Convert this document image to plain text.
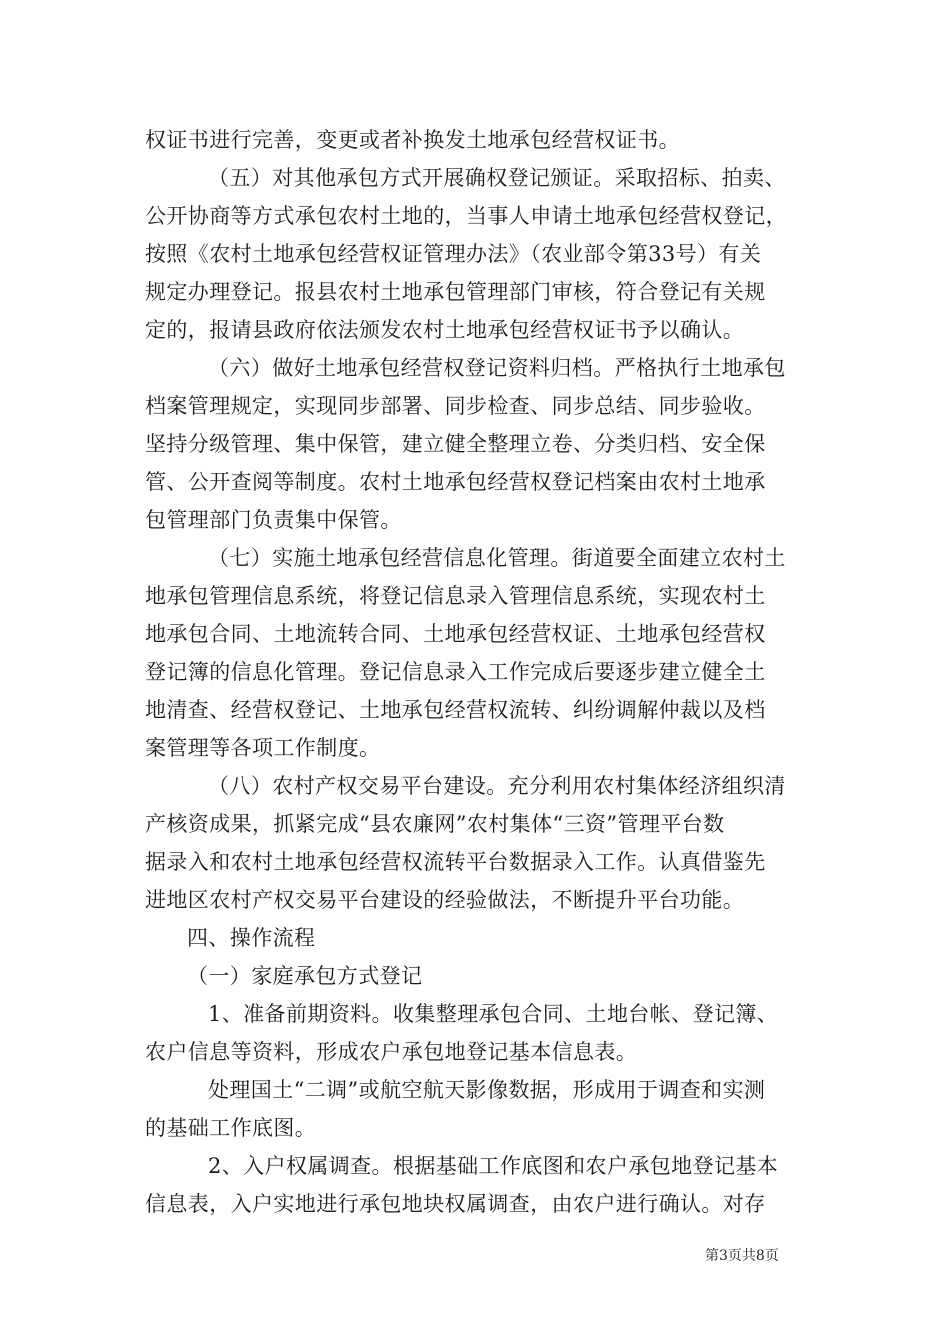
权证书进行完善，变更或者补换发土地承包经营权证书。
（五）对其他承包方式开展确权登记颁证。采取招标、拍卖、
公开协商等方式承包农村土地的，当事人申请土地承包经营权登记，
按照《农村土地承包经营权证管理办法》（农业部令第33号）有关
规定办理登记。报县农村土地承包管理部门审核，符合登记有关规
定的，报请县政府依法颁发农村土地承包经营权证书予以确认。
（六）做好土地承包经营权登记资料归档。严格执行土地承包
档案管理规定，实现同步部署、同步检查、同步总结、同步验收。
坚持分级管理、集中保管，建立健全整理立卷、分类归档、安全保
管、公开查阅等制度。农村土地承包经营权登记档案由农村土地承
包管理部门负责集中保管。
（七）实施土地承包经营信息化管理。街道要全面建立农村土
地承包管理信息系统，将登记信息录入管理信息系统，实现农村土
地承包合同、土地流转合同、土地承包经营权证、土地承包经营权
登记簿的信息化管理。登记信息录入工作完成后要逐步建立健全土
地清查、经营权登记、土地承包经营权流转、纠纷调解仲裁以及档
案管理等各项工作制度。
（八）农村产权交易平台建设。充分利用农村集体经济组织清
产核资成果，抓紧完成“县农廉网”农村集体“三资”管理平台数
据录入和农村土地承包经营权流转平台数据录入工作。认真借鉴先
进地区农村产权交易平台建设的经验做法，不断提升平台功能。
四、操作流程
（一）家庭承包方式登记
1、准备前期资料。收集整理承包合同、土地台帐、登记簿、
农户信息等资料，形成农户承包地登记基本信息表。
处理国土“二调”或航空航天影像数据，形成用于调查和实测
的基础工作底图。
2、入户权属调查。根据基础工作底图和农户承包地登记基本
信息表，入户实地进行承包地块权属调查，由农户进行确认。对存
第3页共8页
